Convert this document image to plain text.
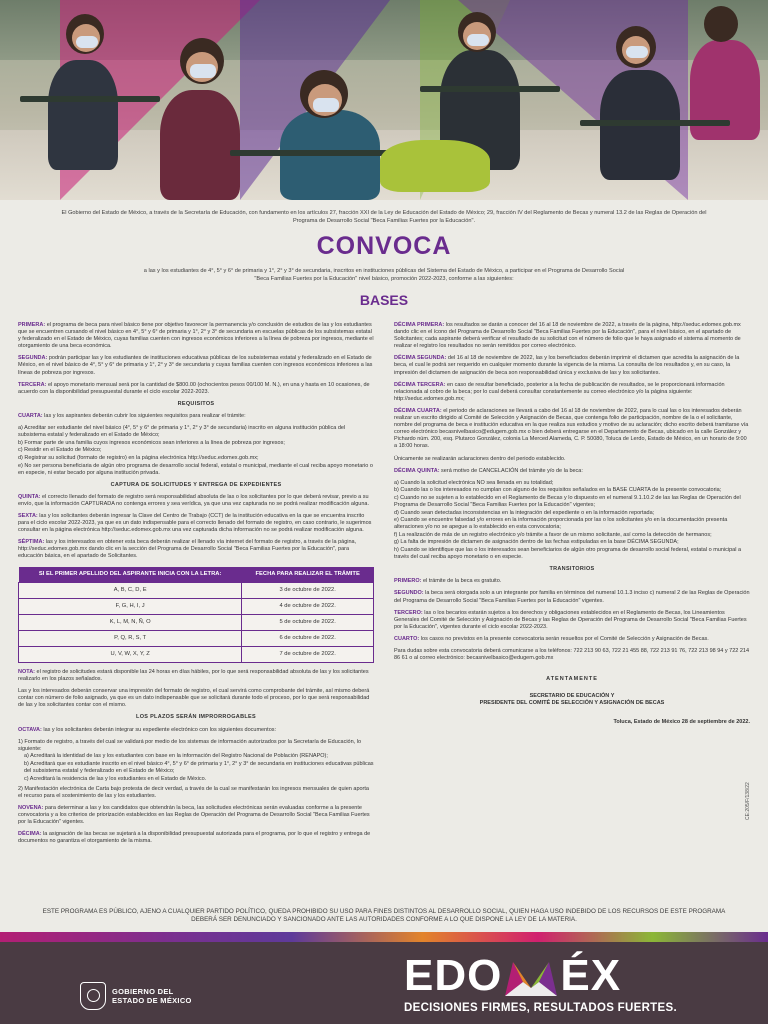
El Gobierno del Estado de México, a través de la Secretaría de Educación, con fundamento en los artículos 27, fracción XXI de la Ley de Educación del Estado de México; 29, fracción IV del Reglamento de Becas y numeral 13.2 de las Reglas de Operación del Programa de Desarrollo Social "Beca Familias Fuertes por la Educación".
CONVOCA
a las y los estudiantes de 4°, 5° y 6° de primaria y 1°, 2° y 3° de secundaria, inscritos en instituciones públicas del Sistema del Estado de México, a participar en el Programa de Desarrollo Social "Beca Familias Fuertes por la Educación" nivel básico, promoción 2022-2023, conforme a las siguientes:
BASES

PRIMERA: el programa de beca para nivel básico tiene por objetivo favorecer la permanencia y/o conclusión de estudios de las y los estudiantes que se encuentren cursando el nivel básico en 4°, 5° y 6° de primaria y 1°, 2° y 3° de secundaria en escuelas públicas de los subsistemas estatal y federalizado en el Estado de México, cuyas familias cuenten con ingresos económicos inferiores a la línea de pobreza por ingresos, mediante el otorgamiento de una beca económica.

SEGUNDA: podrán participar las y los estudiantes de instituciones educativas públicas de los subsistemas estatal y federalizado en el Estado de México, en el nivel básico de 4°, 5° y 6° de primaria y 1°, 2° y 3° de secundaria y cuyas familias cuenten con ingresos económicos inferiores a las líneas de pobreza por ingresos.

TERCERA: el apoyo monetario mensual será por la cantidad de $800.00 (ochocientos pesos 00/100 M. N.), en una y hasta en 10 ocasiones, de acuerdo con la disponibilidad presupuestal durante el ciclo escolar 2022-2023.

REQUISITOS

CUARTA: las y los aspirantes deberán cubrir los siguientes requisitos para realizar el trámite:

a) Acreditar ser estudiante del nivel básico (4°, 5° y 6° de primaria y 1°, 2° y 3° de secundaria) inscrito en alguna institución pública del subsistema estatal y federalizado en el Estado de México;
b) Formar parte de una familia cuyos ingresos económicos sean inferiores a la línea de pobreza por ingresos;
c) Residir en el Estado de México;
d) Registrar su solicitud (formato de registro) en la página electrónica http://seduc.edomex.gob.mx;
e) No ser persona beneficiaria de algún otro programa de desarrollo social federal, estatal o municipal, mediante el cual reciba apoyo monetario o en especie, ni estar becado por alguna institución privada.
CAPTURA DE SOLICITUDES Y ENTREGA DE EXPEDIENTES

QUINTA: el correcto llenado del formato de registro será responsabilidad absoluta de las o los solicitantes por lo que deberá revisar, previo a su envío, que la información CAPTURADA no contenga errores y sea verídica, ya que una vez capturada no se podrá realizar modificación alguna.

SEXTA: las y los solicitantes deberán ingresar la Clave del Centro de Trabajo (CCT) de la institución educativa en la que se encuentra inscrito para el ciclo escolar 2022-2023, ya que es un dato indispensable para el correcto llenado del formato de registro, en caso contrario, le sugerimos consultar en la página electrónica http://seduc.edomex.gob.mx una vez capturada dicha información no se podrá realizar modificación alguna.

SÉPTIMA: las y los interesados en obtener esta beca deberán realizar el llenado vía internet del formato de registro, a través de la página, http://seduc.edomex.gob.mx dando clic en la sección del Programa de Desarrollo Social "Beca Familias Fuertes por la Educación", para educación básica, en el apartado de Solicitantes.

SI EL PRIMER APELLIDO DEL ASPIRANTE INICIA CON LA LETRA:	FECHA PARA REALIZAR EL TRÁMITE
A, B, C, D, E	3 de octubre de 2022.
F, G, H, I, J	4 de octubre de 2022.
K, L, M, N, Ñ, O	5 de octubre de 2022.
P, Q, R, S, T	6 de octubre de 2022.
U, V, W, X, Y, Z	7 de octubre de 2022.

NOTA: el registro de solicitudes estará disponible las 24 horas en días hábiles, por lo que será responsabilidad absoluta de las y los solicitantes realizarlo en los plazos señalados.

Las y los interesados deberán conservar una impresión del formato de registro, el cual servirá como comprobante del trámite, así mismo deberá contar con número de folio asignado, ya que es un dato indispensable que se solicitará durante todo el proceso, por lo que será responsabilidad de las y los solicitantes contar con el mismo.

LOS PLAZOS SERÁN IMPRORROGABLES

OCTAVA: las y los solicitantes deberán integrar su expediente electrónico con los siguientes documentos:

1) Formato de registro, a través del cual se validará por medio de los sistemas de información autorizados por la Secretaría de Educación, lo siguiente:
a) Acreditará la identidad de las y los estudiantes con base en la información del Registro Nacional de Población (RENAPO);
b) Acreditará que es estudiante inscrito en el nivel básico 4°, 5° y 6° de primaria y 1°, 2° y 3° de secundaria en instituciones educativas públicas del subsistema estatal y federalizado en el Estado de México;
c) Acreditará la residencia de las y los estudiantes en el Estado de México.
2) Manifestación electrónica de Carta bajo protesta de decir verdad, a través de la cual se manifestarán los ingresos mensuales de quien aporta el recurso para el sostenimiento de las y los estudiantes.

NOVENA: para determinar a las y los candidatos que obtendrán la beca, las solicitudes electrónicas serán evaluadas conforme a la presente convocatoria y a los criterios de priorización establecidos en las Reglas de Operación del Programa de Desarrollo Social "Beca Familias Fuertes por la Educación" vigentes.

DÉCIMA: la asignación de las becas se sujetará a la disponibilidad presupuestal autorizada para el programa, por lo que el registro y entrega de documentos no garantiza el otorgamiento de la misma.

DÉCIMA PRIMERA: los resultados se darán a conocer del 16 al 18 de noviembre de 2022, a través de la página, http://seduc.edomex.gob.mx dando clic en el ícono del Programa de Desarrollo Social "Beca Familias Fuertes por la Educación", para el nivel básico, en el apartado de Solicitantes; cada aspirante deberá verificar el resultado de su solicitud con el número de folio que le haya asignado el sistema al momento de realizar el registro los resultados no serán remitidos por correo electrónico.

DÉCIMA SEGUNDA: del 16 al 18 de noviembre de 2022, las y los beneficiados deberán imprimir el dictamen que acredita la asignación de la beca, el cual le podrá ser requerido en cualquier momento durante la vigencia de la misma. La consulta de los resultados y, en su caso, la impresión del dictamen de asignación de beca son responsabilidad única y exclusiva de las y los solicitantes.

DÉCIMA TERCERA: en caso de resultar beneficiado, posterior a la fecha de publicación de resultados, se le proporcionará información relacionada al cobro de la beca; por lo cual deberá consultar constantemente su correo electrónico y/o la página siguiente: http://seduc.edomex.gob.mx;

DÉCIMA CUARTA: el periodo de aclaraciones se llevará a cabo del 16 al 18 de noviembre de 2022, para lo cual las o los interesados deberán realizar un escrito dirigido al Comité de Selección y Asignación de Becas, que contenga folio de participación, nombre de la o el solicitante, nombre del programa de beca e institución educativa en la que realiza sus estudios y motivo de su aclaración; dicho escrito deberá tramitarse vía correo electrónico becasnivelbasico@edugem.gob.mx o bien deberá entregarse en el Departamento de Becas, ubicado en la calle González y Pichardo núm. 200, esq. Plutarco González, colonia La Merced Alameda, C. P. 50080, Toluca de Lerdo, Estado de México, en un horario de 9:00 a 18:00 horas.

Únicamente se realizarán aclaraciones dentro del periodo establecido.

DÉCIMA QUINTA: será motivo de CANCELACIÓN del trámite y/o de la beca:

a) Cuando la solicitud electrónica NO sea llenada en su totalidad;
b) Cuando las o los interesados no cumplan con alguno de los requisitos señalados en la BASE CUARTA de la presente convocatoria;
c) Cuando no se sujeten a lo establecido en el Reglamento de Becas y lo dispuesto en el numeral 9.1.10.2 de las las Reglas de Operación del Programa de Desarrollo Social "Beca Familias Fuertes por la Educación" vigentes;
d) Cuando sean detectadas inconsistencias en la integración del expediente o en la información reportada;
e) Cuando se encuentre falsedad y/o errores en la información proporcionada por las o los solicitantes y/o en la documentación presenta alteraciones y/o no se apegue a lo establecido en esta convocatoria;
f) La realización de más de un registro electrónico y/o trámite a favor de un mismo solicitante, así como la detección de hermanos;
g) La falta de impresión de dictamen de asignación dentro de las fechas estipuladas en la base DÉCIMA SEGUNDA;
h) Cuando se identifique que las o los interesados sean beneficiarios de algún otro programa de desarrollo social federal, estatal o municipal a través del cual reciba apoyo monetario o en especie.
TRANSITORIOS

PRIMERO: el trámite de la beca es gratuito.

SEGUNDO: la beca será otorgada solo a un integrante por familia en términos del numeral 10.1.3 inciso c) numeral 2 de las Reglas de Operación del Programa de Desarrollo Social "Beca Familias Fuertes por la Educación" vigentes.

TERCERO: las o los becarios estarán sujetos a los derechos y obligaciones establecidos en el Reglamento de Becas, los Lineamientos Generales del Comité de Selección y Asignación de Becas y las Reglas de Operación del Programa de Desarrollo Social "Beca Familias Fuertes por la Educación", vigentes durante el ciclo escolar 2022-2023.

CUARTO: los casos no previstos en la presente convocatoria serán resueltos por el Comité de Selección y Asignación de Becas.

Para dudas sobre esta convocatoria deberá comunicarse a los teléfonos: 722 213 90 63, 722 21 455 88, 722 213 91 76, 722 213 98 94 y 722 214 86 61 o al correo electrónico: becasnivelbasico@edugem.gob.mx

ATENTAMENTE
SECRETARIO DE EDUCACIÓN Y
PRESIDENTE DEL COMITÉ DE SELECCIÓN Y ASIGNACIÓN DE BECAS
Toluca, Estado de México 28 de septiembre de 2022.
CE:205/F/138/22
ESTE PROGRAMA ES PÚBLICO, AJENO A CUALQUIER PARTIDO POLÍTICO, QUEDA PROHIBIDO SU USO PARA FINES DISTINTOS AL DESARROLLO SOCIAL, QUIEN HAGA USO INDEBIDO DE LOS RECURSOS DE ESTE PROGRAMA DEBERÁ SER DENUNCIADO Y SANCIONADO ANTE LAS AUTORIDADES CONFORME A LO QUE DISPONE LA LEY DE LA MATERIA.
GOBIERNO DEL
ESTADO DE MÉXICO
EDO ÉX
DECISIONES FIRMES, RESULTADOS FUERTES.
